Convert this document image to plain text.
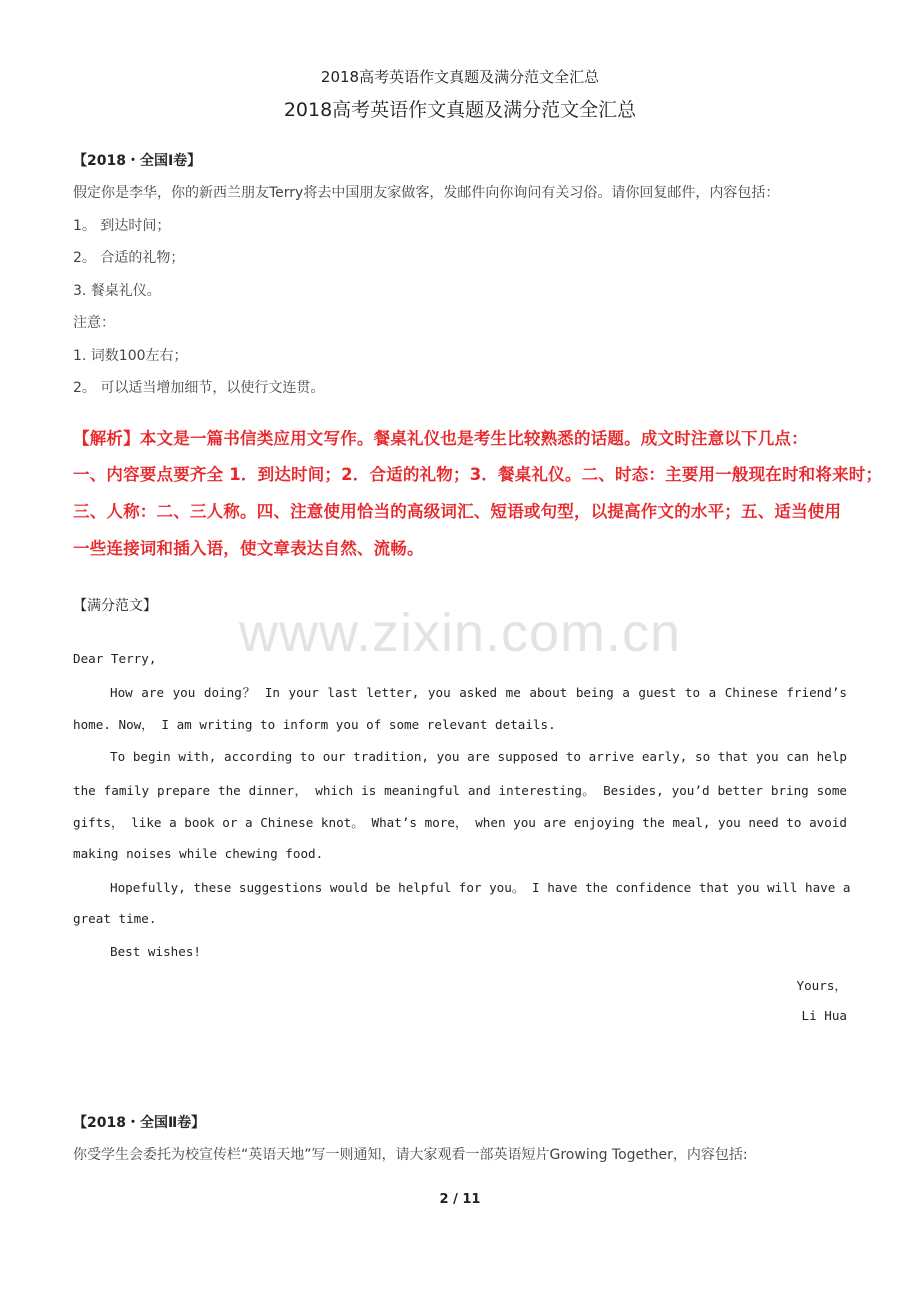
2018高考英语作文真题及满分范文全汇总
2018高考英语作文真题及满分范文全汇总
【2018・全国Ⅰ卷】
假定你是李华，你的新西兰朋友Terry将去中国朋友家做客，发邮件向你询问有关习俗。请你回复邮件，内容包括：
1。 到达时间；
2。 合适的礼物；
3. 餐桌礼仪。
注意：
1. 词数100左右；
2。 可以适当增加细节，以使行文连贯。
【解析】本文是一篇书信类应用文写作。餐桌礼仪也是考生比较熟悉的话题。成文时注意以下几点：
一、内容要点要齐全 1．到达时间；2．合适的礼物；3．餐桌礼仪。二、时态：主要用一般现在时和将来时；
三、人称：二、三人称。四、注意使用恰当的高级词汇、短语或句型，以提高作文的水平；五、适当使用
一些连接词和插入语，使文章表达自然、流畅。
【满分范文】	www.zixin.com.cn
Dear Terry,
How are you doing？ In your last letter, you asked me about being a guest to a Chinese friend’s
home. Now， I am writing to inform you of some relevant details.
To begin with, according to our tradition, you are supposed to arrive early, so that you can help
the family prepare the dinner， which is meaningful and interesting。 Besides, you’d better bring some
gifts， like a book or a Chinese knot。 What’s more， when you are enjoying the meal, you need to avoid
making noises while chewing food.
Hopefully, these suggestions would be helpful for you。 I have the confidence that you will have a
great time.
Best wishes!
Yours，
Li Hua
【2018・全国Ⅱ卷】
你受学生会委托为校宣传栏“英语天地”写一则通知，请大家观看一部英语短片Growing Together，内容包括:
2 / 11
